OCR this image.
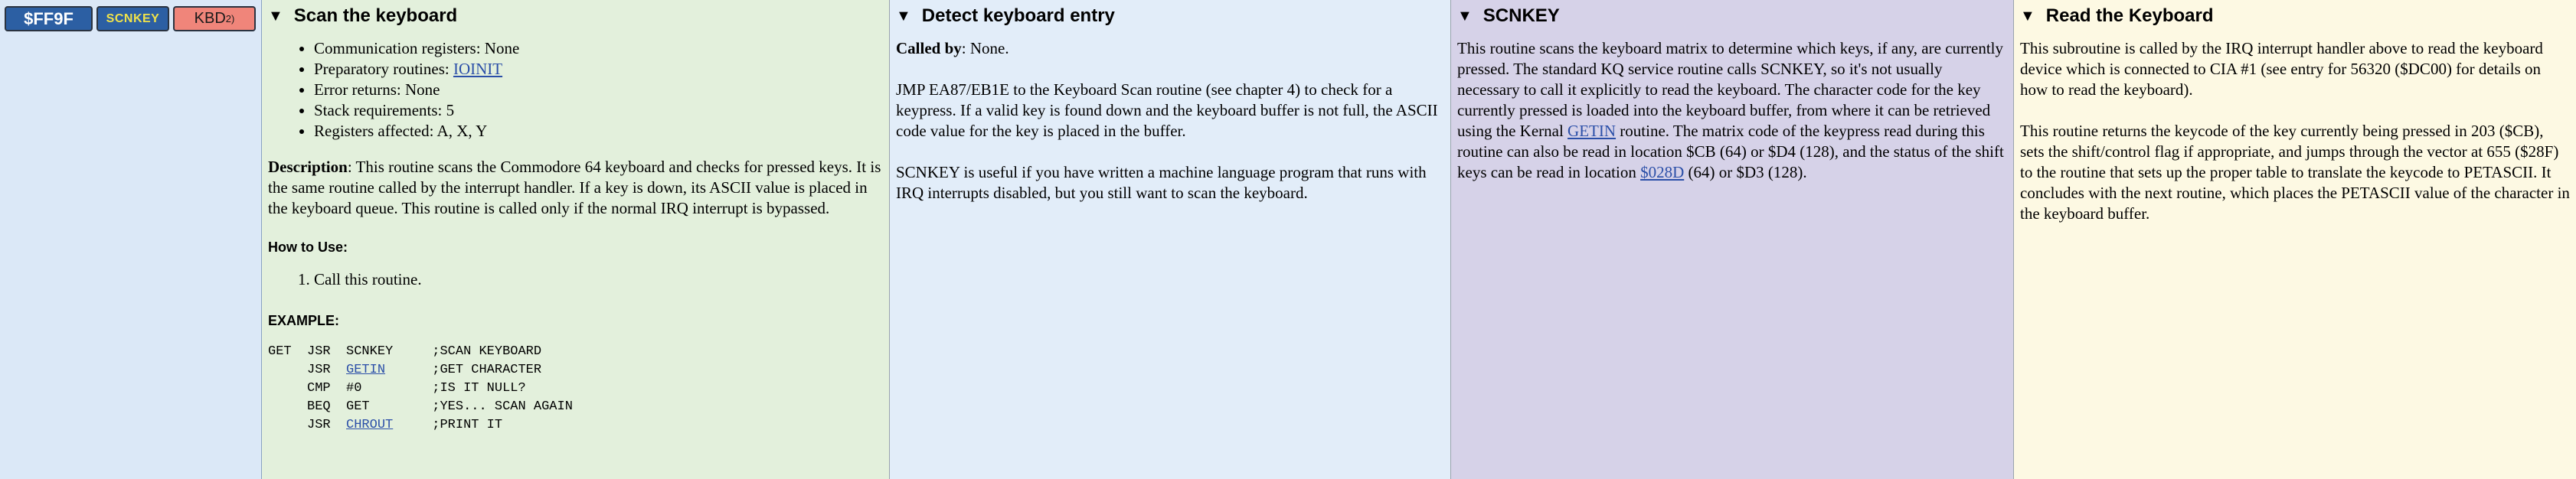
$FF9F	SCNKEY	KBD 2) ▼ Scan the keyboard
• Communication registers: None
• Preparatory routines: IOINIT
• Error returns: None
• Stack requirements: 5
• Registers affected: A, X, Y

Description: This routine scans the Commodore 64 keyboard and checks for pressed keys. It is the same routine called by the interrupt handler. If a key is down, its ASCII value is placed in the keyboard queue. This routine is called only if the normal IRQ interrupt is bypassed.

How to Use:
1. Call this routine.
EXAMPLE:
GET JSR SCNKEY	;SCAN KEYBOARD
JSR GETIN	;GET CHARACTER
CMP #0	;IS IT NULL?
BEQ GET	;YES... SCAN AGAIN
JSR CHROUT	;PRINT IT
▼ Detect keyboard entry

Called by: None.

JMP EA87/EB1E to the Keyboard Scan routine (see chapter 4) to check for a keypress. If a valid key is found down and the keyboard buffer is not full, the ASCII code value for the key is placed in the buffer.

SCNKEY is useful if you have written a machine language program that runs with IRQ interrupts disabled, but you still want to scan the keyboard.

▼ SCNKEY

This routine scans the keyboard matrix to determine which keys, if any, are currently pressed. The standard KQ service routine calls SCNKEY, so it's not usually necessary to call it explicitly to read the keyboard. The character code for the key currently pressed is loaded into the keyboard buffer, from where it can be retrieved using the Kernal GETIN routine. The matrix code of the keypress read during this routine can also be read in location $CB (64) or $D4 (128), and the status of the shift keys can be read in location $028D (64) or $D3 (128).

▼ Read the Keyboard

This subroutine is called by the IRQ interrupt handler above to read the keyboard device which is connected to CIA #1 (see entry for 56320 ($DC00) for details on how to read the keyboard).

This routine returns the keycode of the key currently being pressed in 203 ($CB), sets the shift/control flag if appropriate, and jumps through the vector at 655 ($28F) to the routine that sets up the proper table to translate the keycode to PETASCII. It concludes with the next routine, which places the PETASCII value of the character in the keyboard buffer.
